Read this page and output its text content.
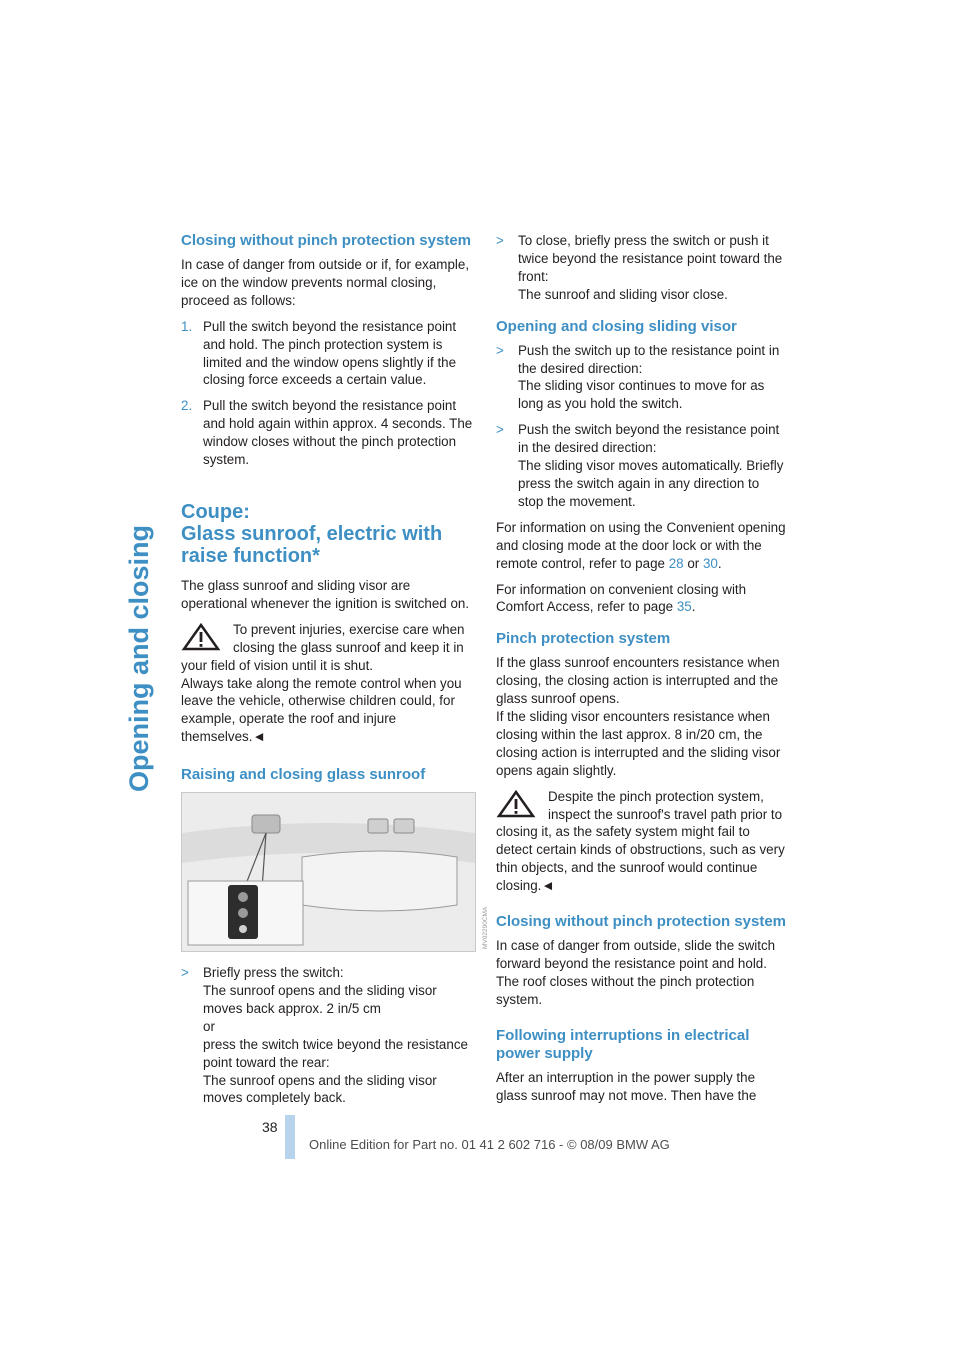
Opening and closing
Closing without pinch protection system

In case of danger from outside or if, for example, ice on the window prevents normal closing, proceed as follows:

1. Pull the switch beyond the resistance point and hold. The pinch protection system is limited and the window opens slightly if the closing force exceeds a certain value.
2. Pull the switch beyond the resistance point and hold again within approx. 4 seconds. The window closes without the pinch protection system.
Coupe:
Glass sunroof, electric with raise function*

The glass sunroof and sliding visor are operational whenever the ignition is switched on.

To prevent injuries, exercise care when closing the glass sunroof and keep it in your field of vision until it is shut.
Always take along the remote control when you leave the vehicle, otherwise children could, for example, operate the roof and injure themselves.◄
Raising and closing glass sunroof
MV02290CMA
> Briefly press the switch:
The sunroof opens and the sliding visor moves back approx. 2 in/5 cm
or
press the switch twice beyond the resistance point toward the rear:
The sunroof opens and the sliding visor moves completely back.
> To close, briefly press the switch or push it twice beyond the resistance point toward the front:
The sunroof and sliding visor close.
Opening and closing sliding visor
> Push the switch up to the resistance point in the desired direction:
The sliding visor continues to move for as long as you hold the switch.
> Push the switch beyond the resistance point in the desired direction:
The sliding visor moves automatically. Briefly press the switch again in any direction to stop the movement.

For information on using the Convenient opening and closing mode at the door lock or with the remote control, refer to page 28 or 30.

For information on convenient closing with Comfort Access, refer to page 35.

Pinch protection system

If the glass sunroof encounters resistance when closing, the closing action is interrupted and the glass sunroof opens.
If the sliding visor encounters resistance when closing within the last approx. 8 in/20 cm, the closing action is interrupted and the sliding visor opens again slightly.

Despite the pinch protection system, inspect the sunroof's travel path prior to closing it, as the safety system might fail to detect certain kinds of obstructions, such as very thin objects, and the sunroof would continue closing.◄
Closing without pinch protection system

In case of danger from outside, slide the switch forward beyond the resistance point and hold. The roof closes without the pinch protection system.

Following interruptions in electrical power supply

After an interruption in the power supply the glass sunroof may not move. Then have the

38
Online Edition for Part no. 01 41 2 602 716 - © 08/09 BMW AG
